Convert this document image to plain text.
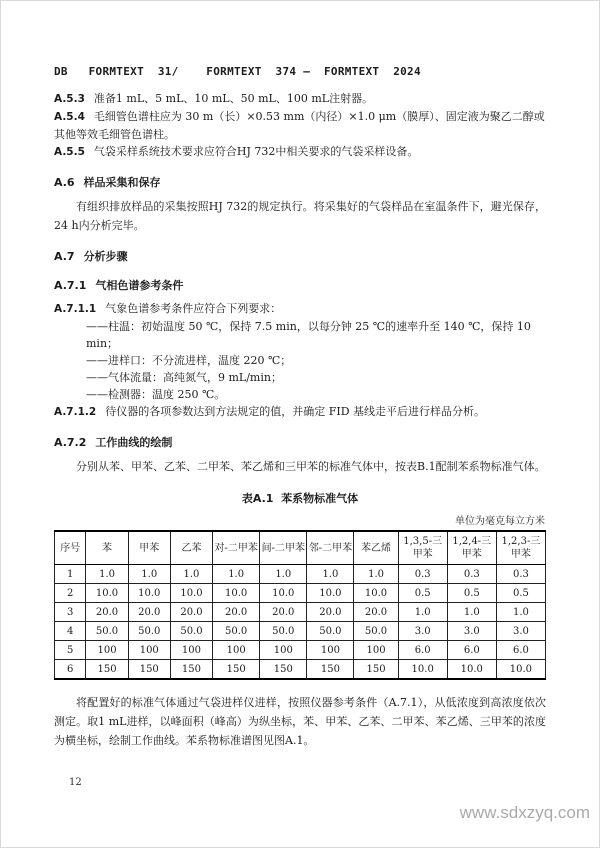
DB   FORMTEXT  31/    FORMTEXT  374 —  FORMTEXT  2024

A.5.3 准备1 mL、5 mL、10 mL、50 mL、100 mL注射器。

A.5.4 毛细管色谱柱应为 30 m（长）×0.53 mm（内径）×1.0 μm（膜厚）、固定液为聚乙二醇或其他等效毛细管色谱柱。

A.5.5 气袋采样系统技术要求应符合HJ 732中相关要求的气袋采样设备。

A.6 样品采集和保存

有组织排放样品的采集按照HJ 732的规定执行。将采集好的气袋样品在室温条件下，避光保存，24 h内分析完毕。

A.7 分析步骤
A.7.1 气相色谱参考条件

A.7.1.1 气象色谱参考条件应符合下列要求：

——柱温：初始温度 50 ℃，保持 7.5 min，以每分钟 25 ℃的速率升至 140 ℃，保持 10 min；
——进样口：不分流进样，温度 220 ℃；
——气体流量：高纯氮气，9 mL/min；
——检测器：温度 250 ℃。

A.7.1.2 待仪器的各项参数达到方法规定的值，并确定 FID 基线走平后进行样品分析。

A.7.2 工作曲线的绘制

分别从苯、甲苯、乙苯、二甲苯、苯乙烯和三甲苯的标准气体中，按表B.1配制苯系物标准气体。

表A.1  苯系物标准气体
单位为毫克每立方米
序号	苯	甲苯	乙苯	对-二甲苯	间-二甲苯	邻-二甲苯	苯乙烯	1,3,5-三甲苯	1,2,4-三甲苯	1,2,3-三甲苯
1	1.0	1.0	1.0	1.0	1.0	1.0	1.0	0.3	0.3	0.3
2	10.0	10.0	10.0	10.0	10.0	10.0	10.0	0.5	0.5	0.5
3	20.0	20.0	20.0	20.0	20.0	20.0	20.0	1.0	1.0	1.0
4	50.0	50.0	50.0	50.0	50.0	50.0	50.0	3.0	3.0	3.0
5	100	100	100	100	100	100	100	6.0	6.0	6.0
6	150	150	150	150	150	150	150	10.0	10.0	10.0

将配置好的标准气体通过气袋进样仪进样，按照仪器参考条件（A.7.1），从低浓度到高浓度依次测定。取1 mL进样，以峰面积（峰高）为纵坐标，苯、甲苯、乙苯、二甲苯、苯乙烯、三甲苯的浓度为横坐标，绘制工作曲线。苯系物标准谱图见图A.1。

12
www.sdxzyq.com
